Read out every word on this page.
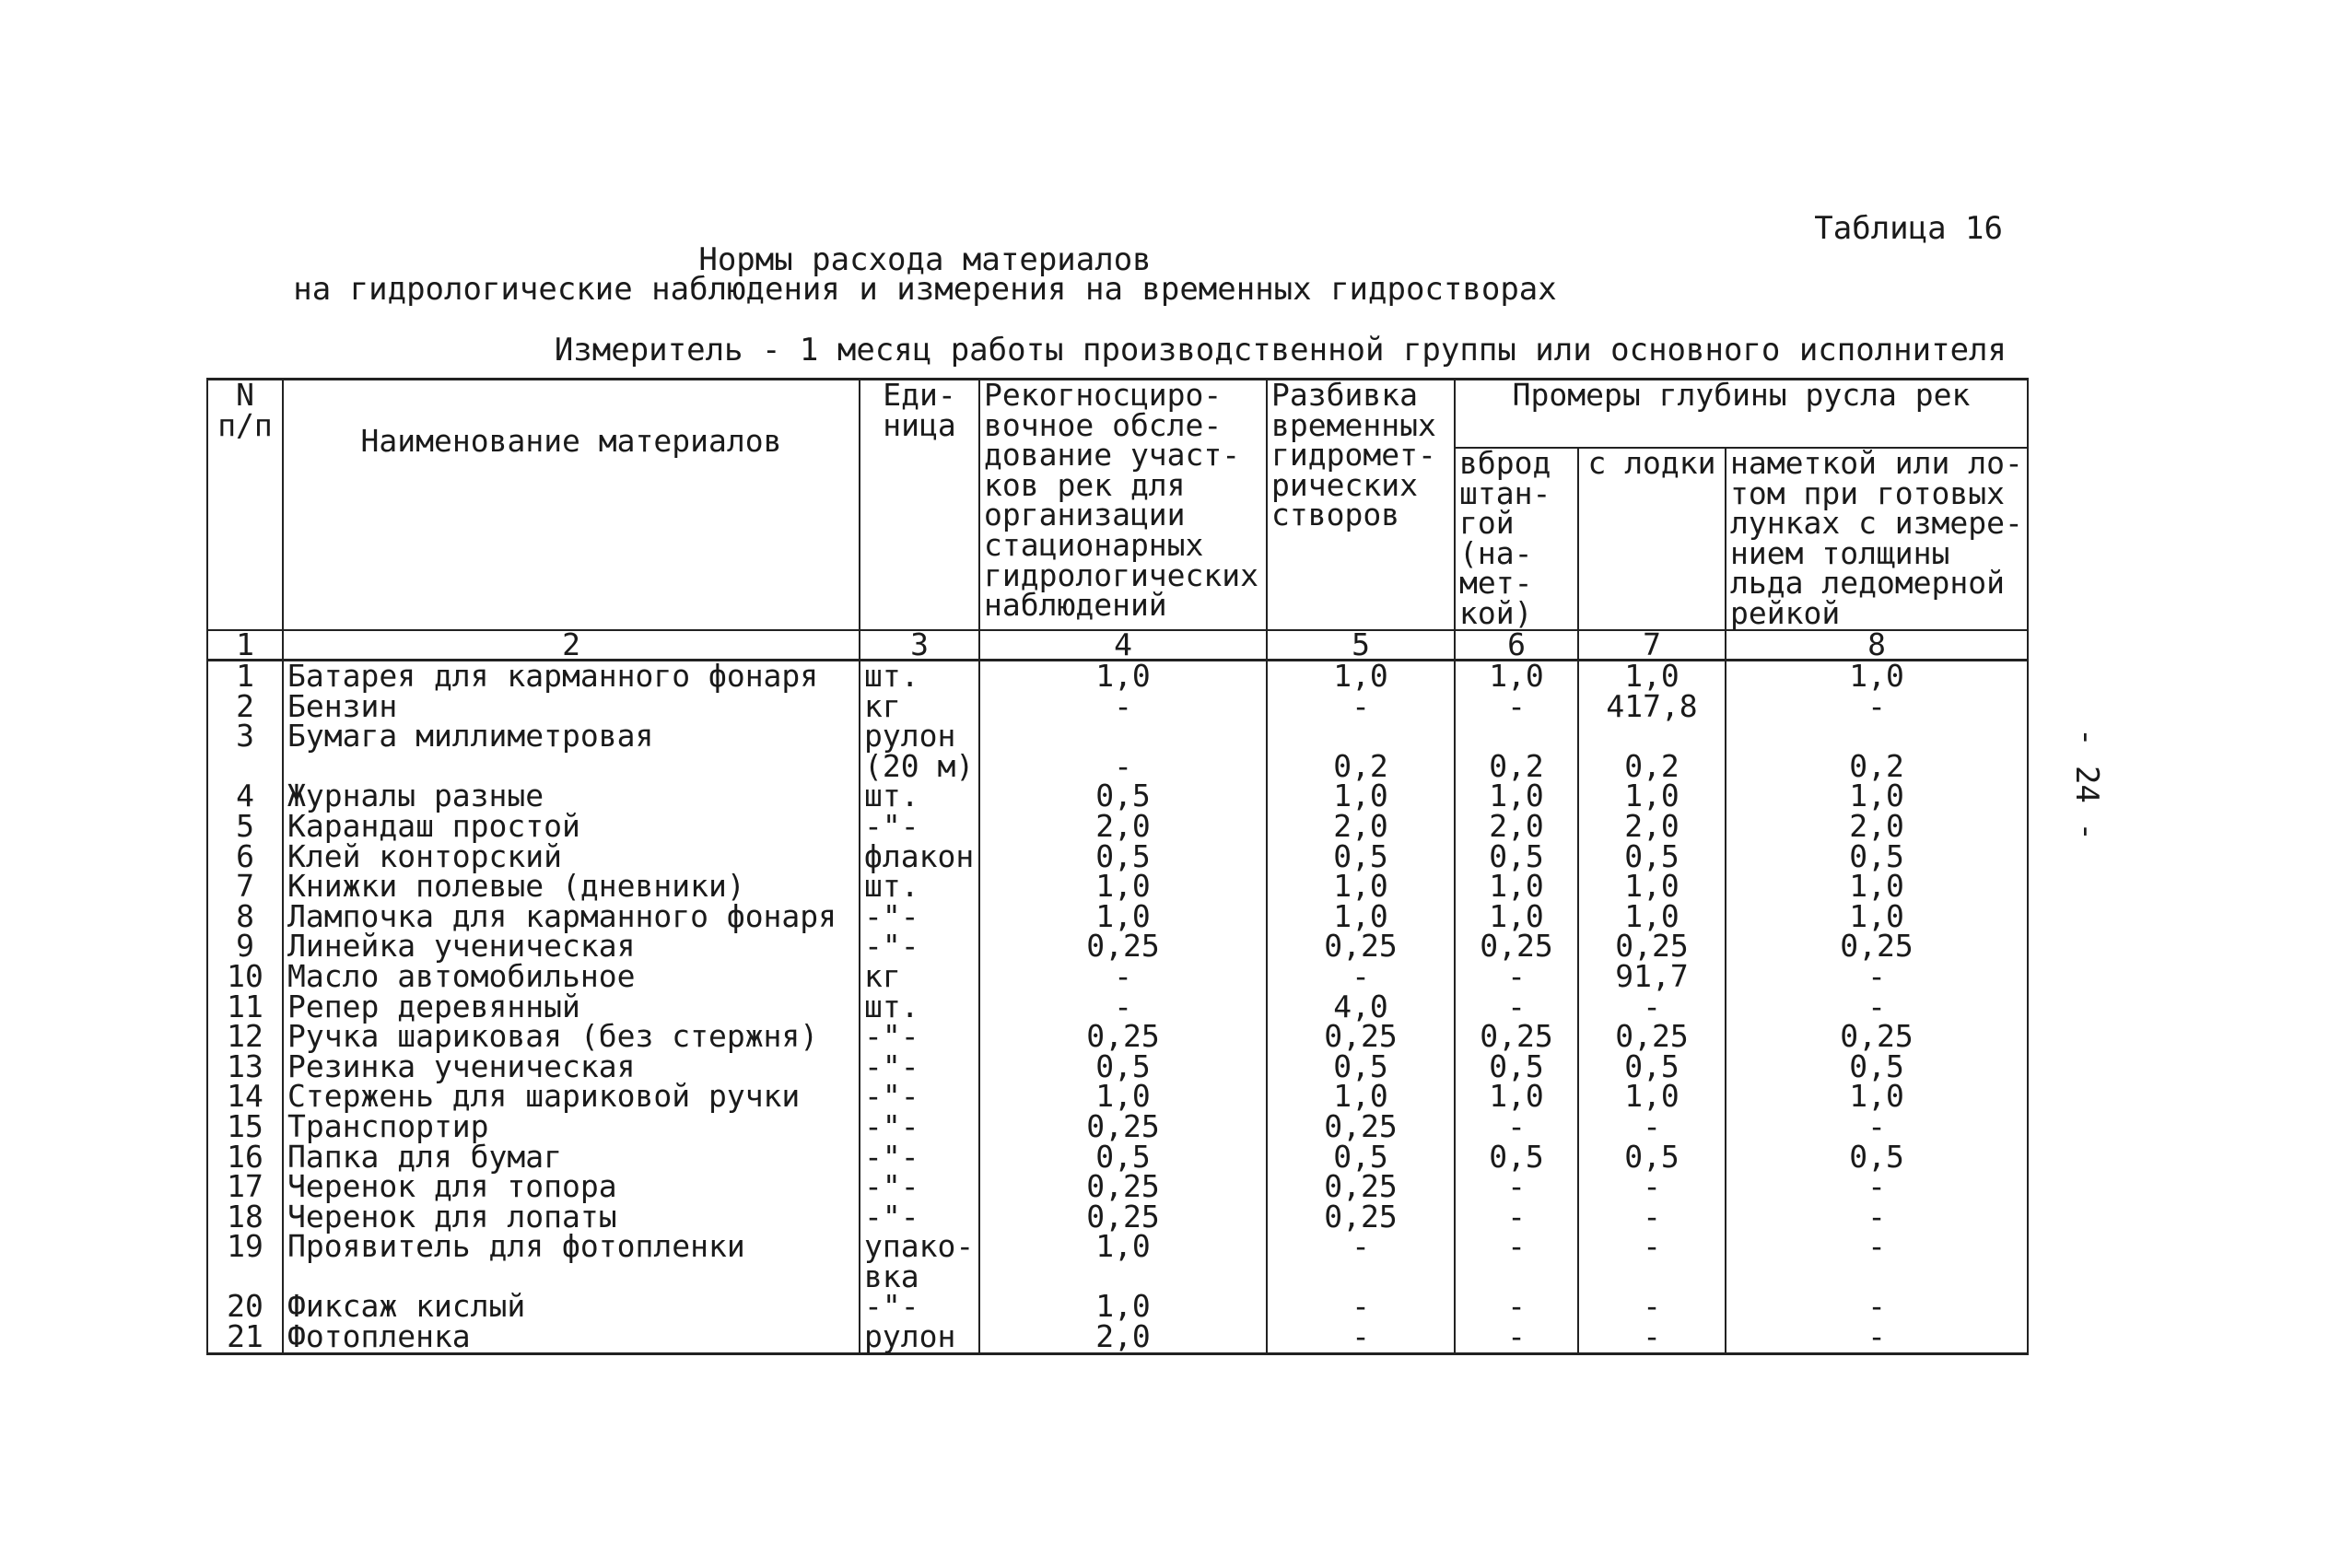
Таблица 16
Нормы расхода материалов
на гидрологические наблюдения и измерения на временных гидростворах
Измеритель - 1 месяц работы производственной группы или основного исполнителя
- 24 -
N п/п	Наименование материалов	Еди- ница	Рекогносциро- вочное обсле- дование участ- ков рек для организации стационарных гидрологических наблюдений	Разбивка временных гидромет- рических створов	Промеры глубины русла рек		
					вброд штан- гой (на- мет- кой)	с лодки	наметкой или ло- том при готовых лунках с измере- нием толщины льда ледомерной рейкой
1	2	3	4	5	6	7	8
1	Батарея для карманного фонаря	шт.	1,0	1,0	1,0	1,0	1,0
2	Бензин	кг	-	-	-	417,8	-
3	Бумага миллиметровая	рулон (20 м)	-	0,2	0,2	0,2	0,2
4	Журналы разные	шт.	0,5	1,0	1,0	1,0	1,0
5	Карандаш простой	-"-	2,0	2,0	2,0	2,0	2,0
6	Клей конторский	флакон	0,5	0,5	0,5	0,5	0,5
7	Книжки полевые (дневники)	шт.	1,0	1,0	1,0	1,0	1,0
8	Лампочка для карманного фонаря	-"-	1,0	1,0	1,0	1,0	1,0
9	Линейка ученическая	-"-	0,25	0,25	0,25	0,25	0,25
10	Масло автомобильное	кг	-	-	-	91,7	-
11	Репер деревянный	шт.	-	4,0	-	-	-
12	Ручка шариковая (без стержня)	-"-	0,25	0,25	0,25	0,25	0,25
13	Резинка ученическая	-"-	0,5	0,5	0,5	0,5	0,5
14	Стержень для шариковой ручки	-"-	1,0	1,0	1,0	1,0	1,0
15	Транспортир	-"-	0,25	0,25	-	-	-
16	Папка для бумаг	-"-	0,5	0,5	0,5	0,5	0,5
17	Черенок для топора	-"-	0,25	0,25	-	-	-
18	Черенок для лопаты	-"-	0,25	0,25	-	-	-
19	Проявитель для фотопленки	упако- вка	1,0	-	-	-	-
20	Фиксаж кислый	-"-	1,0	-	-	-	-
21	Фотопленка	рулон	2,0	-	-	-	-
